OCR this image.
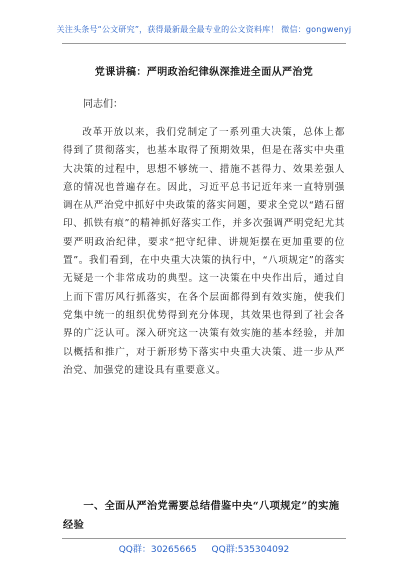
关注头条号“公文研究”，获得最新最全最专业的公文资料库！ 微信：gongwenyj
党课讲稿：严明政治纪律纵深推进全面从严治党
同志们：

改革开放以来，我们党制定了一系列重大决策，总体上都得到了贯彻落实，也基本取得了预期效果，但是在落实中央重大决策的过程中，思想不够统一、措施不甚得力、效果差强人意的情况也普遍存在。因此，习近平总书记近年来一直特别强调在从严治党中抓好中央政策的落实问题，要求全党以“踏石留印、抓铁有痕”的精神抓好落实工作，并多次强调严明党纪尤其要严明政治纪律，要求“把守纪律、讲规矩摆在更加重要的位置”。我们看到，在中央重大决策的执行中，“八项规定”的落实无疑是一个非常成功的典型。这一决策在中央作出后，通过自上而下雷厉风行抓落实，在各个层面都得到有效实施，使我们党集中统一的组织优势得到充分体现，其效果也得到了社会各界的广泛认可。深入研究这一决策有效实施的基本经验，并加以概括和推广，对于新形势下落实中央重大决策、进一步从严治党、加强党的建设具有重要意义。

一、全面从严治党需要总结借鉴中央“八项规定”的实施经验

QQ群：30265665 QQ群:535304092
